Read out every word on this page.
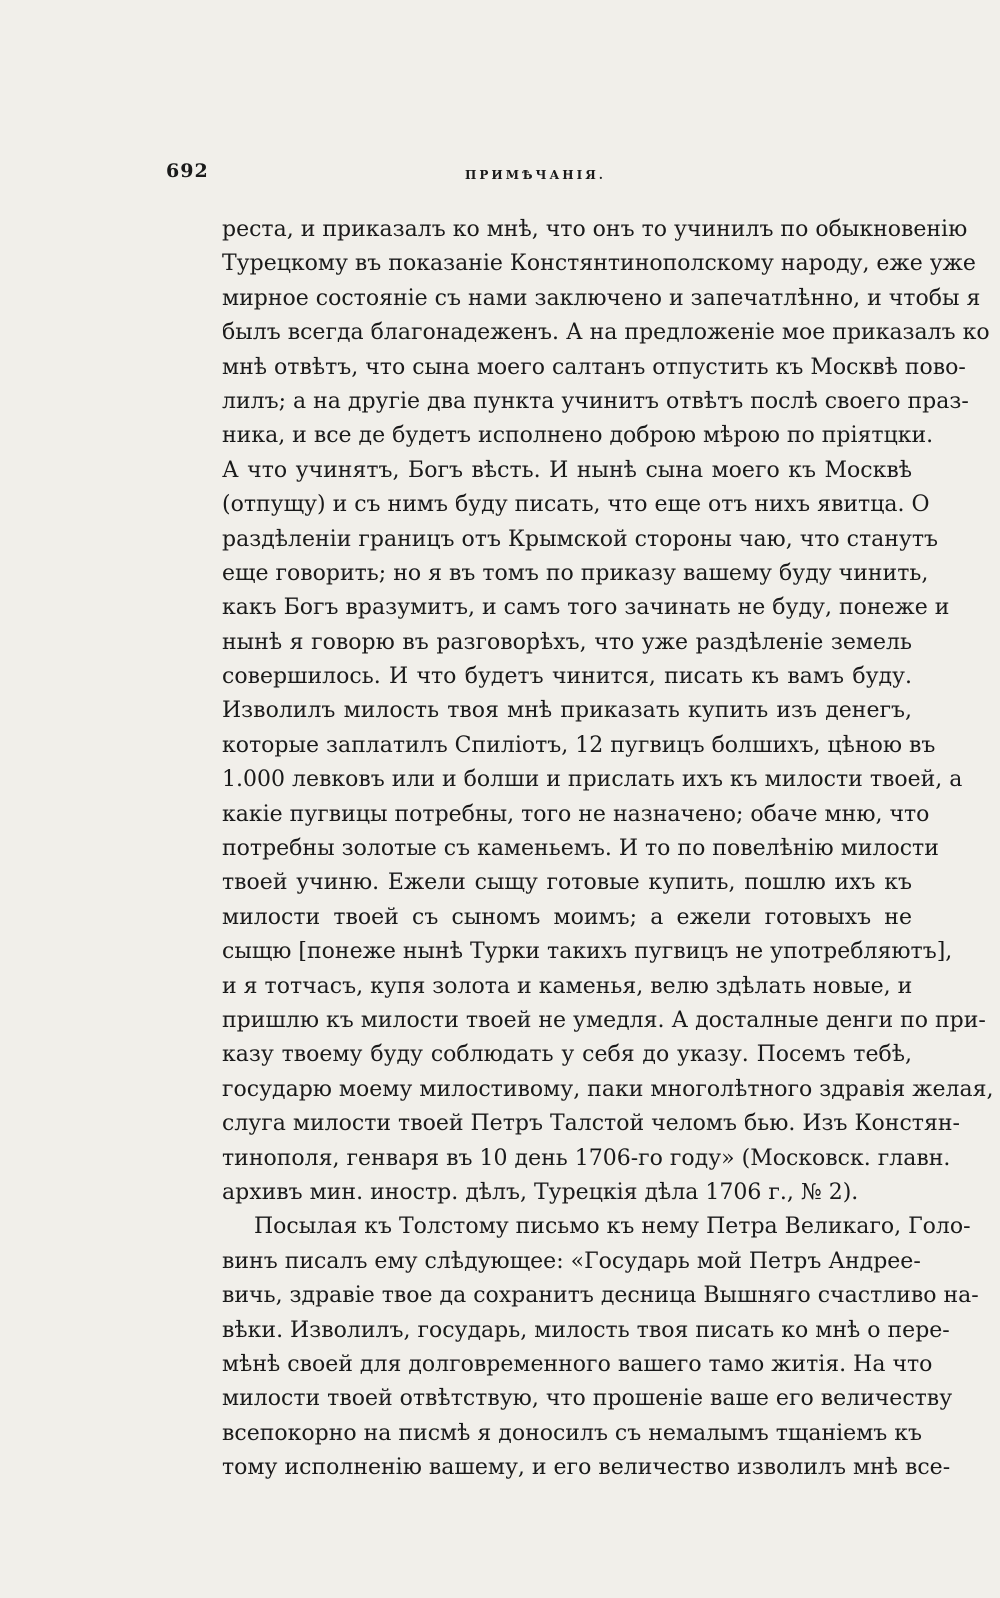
692	ПРИМѢЧАНІЯ.
реста, и приказалъ ко мнѣ, что онъ то учинилъ по обыкновенію
Турецкому въ показаніе Констянтинополскому народу, еже уже
мирное состояніе съ нами заключено и запечатлѣнно, и чтобы я
былъ всегда благонадеженъ. А на предложеніе мое приказалъ ко
мнѣ отвѣтъ, что сына моего салтанъ отпустить къ Москвѣ пово-
лилъ; а на другіе два пункта учинитъ отвѣтъ послѣ своего праз-
ника, и все де будетъ исполнено доброю мѣрою по пріятцки.
А что учинятъ, Богъ вѣсть. И нынѣ сына моего къ Москвѣ
(отпущу) и съ нимъ буду писать, что еще отъ нихъ явитца. О
раздѣленіи границъ отъ Крымской стороны чаю, что станутъ
еще говорить; но я въ томъ по приказу вашему буду чинить,
какъ Богъ вразумитъ, и самъ того зачинать не буду, понеже и
нынѣ я говорю въ разговорѣхъ, что уже раздѣленіе земель
совершилось. И что будетъ чинится, писать къ вамъ буду.
Изволилъ милость твоя мнѣ приказать купить изъ денегъ,
которые заплатилъ Спиліотъ, 12 пугвицъ болшихъ, цѣною въ
1.000 левковъ или и болши и прислать ихъ къ милости твоей, а
какіе пугвицы потребны, того не назначено; обаче мню, что
потребны золотые съ каменьемъ. И то по повелѣнію милости
твоей учиню. Ежели сыщу готовые купить, пошлю ихъ къ
милости твоей съ сыномъ моимъ; а ежели готовыхъ не
сыщю [понеже нынѣ Турки такихъ пугвицъ не употребляютъ],
и я тотчасъ, купя золота и каменья, велю здѣлать новые, и
пришлю къ милости твоей не умедля. А досталные денги по при-
казу твоему буду соблюдать у себя до указу. Посемъ тебѣ,
государю моему милостивому, паки многолѣтного здравія желая,
слуга милости твоей Петръ Талстой челомъ бью. Изъ Констян-
тинополя, генваря въ 10 день 1706-го году» (Московск. главн.
архивъ мин. иностр. дѣлъ, Турецкія дѣла 1706 г., № 2).
Посылая къ Толстому письмо къ нему Петра Великаго, Голо-
винъ писалъ ему слѣдующее: «Государь мой Петръ Андрее-
вичь, здравіе твое да сохранитъ десница Вышняго счастливо на-
вѣки. Изволилъ, государь, милость твоя писать ко мнѣ о пере-
мѣнѣ своей для долговременного вашего тамо житія. На что
милости твоей отвѣтствую, что прошеніе ваше его величеству
всепокорно на писмѣ я доносилъ съ немалымъ тщаніемъ къ
тому исполненію вашему, и его величество изволилъ мнѣ все-
